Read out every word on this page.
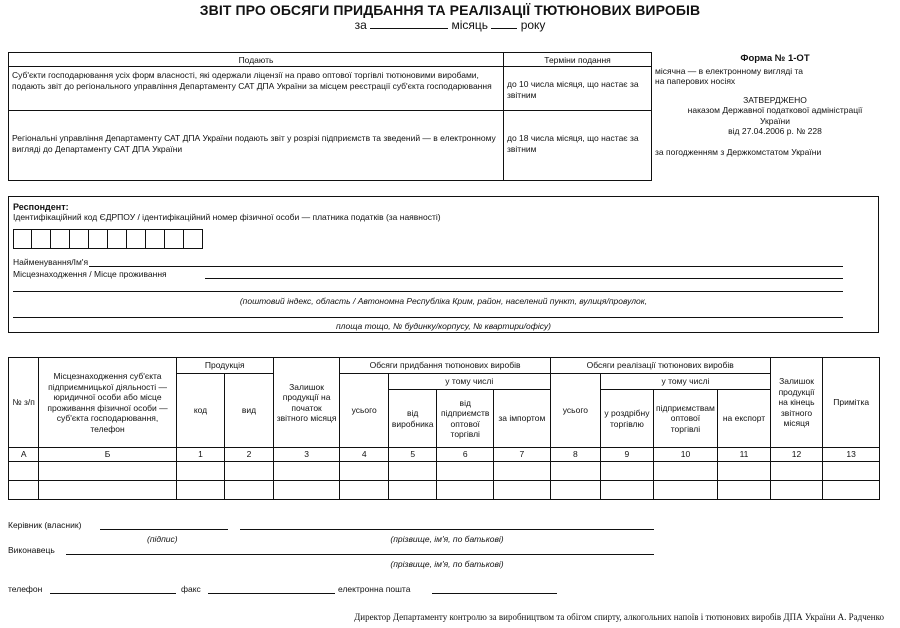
ЗВІТ ПРО ОБСЯГИ ПРИДБАННЯ ТА РЕАЛІЗАЦІЇ ТЮТЮНОВИХ ВИРОБІВ
за	місяць	року
Подають	Терміни подання
Суб'єкти господарювання усіх форм власності, які одержали ліцензії на право оптової торгівлі тютюновими виробами, подають звіт до регіонального управління Департаменту САТ ДПА України за місцем реєстрації суб'єкта господарювання	до 10 числа місяця, що настає за звітним
Регіональні управління Департаменту САТ ДПА України подають звіт у розрізі підприємств та зведений — в електронному вигляді до Департаменту САТ ДПА України	до 18 числа місяця, що настає за звітним
Форма № 1-ОТ
місячна — в електронному вигляді та
на паперових носіях
ЗАТВЕРДЖЕНО
наказом Державної податкової адміністрації
України
від 27.04.2006 р. № 228
за погодженням з Держкомстатом України
Респондент:
Ідентифікаційний код ЄДРПОУ / ідентифікаційний номер фізичної особи — платника податків (за наявності)
Найменування/Ім'я
Місцезнаходження / Місце проживання
(поштовий індекс, область / Автономна Республіка Крим, район, населений пункт, вулиця/провулок,
площа тощо, № будинку/корпусу, № квартири/офісу)
№ з/п	Місцезнаходження суб'єкта підприємницької діяльності — юридичної особи або місце проживання фізичної особи — суб'єкта господарювання, телефон	Продукція		Залишок продукції на початок звітного місяця	Обсяги придбання тютюнових виробів				Обсяги реалізації тютюнових виробів				Залишок продукції на кінець звітного місяця	Примітка
		код	вид		усього	у тому числі			усього	у тому числі				
						від виробника	від підприємств оптової торгівлі	за імпортом		у роздрібну торгівлю	підприємствам оптової торгівлі	на експорт		
А	Б	1	2	3	4	5	6	7	8	9	10	11	12	13

Керівник (власник)
(підпис)	(прізвище, ім'я, по батькові)
Виконавець
(прізвище, ім'я, по батькові)
телефон	факс	електронна пошта
Директор Департаменту контролю за виробництвом та обігом спирту, алкогольних напоїв і тютюнових виробів ДПА України А. Радченко
